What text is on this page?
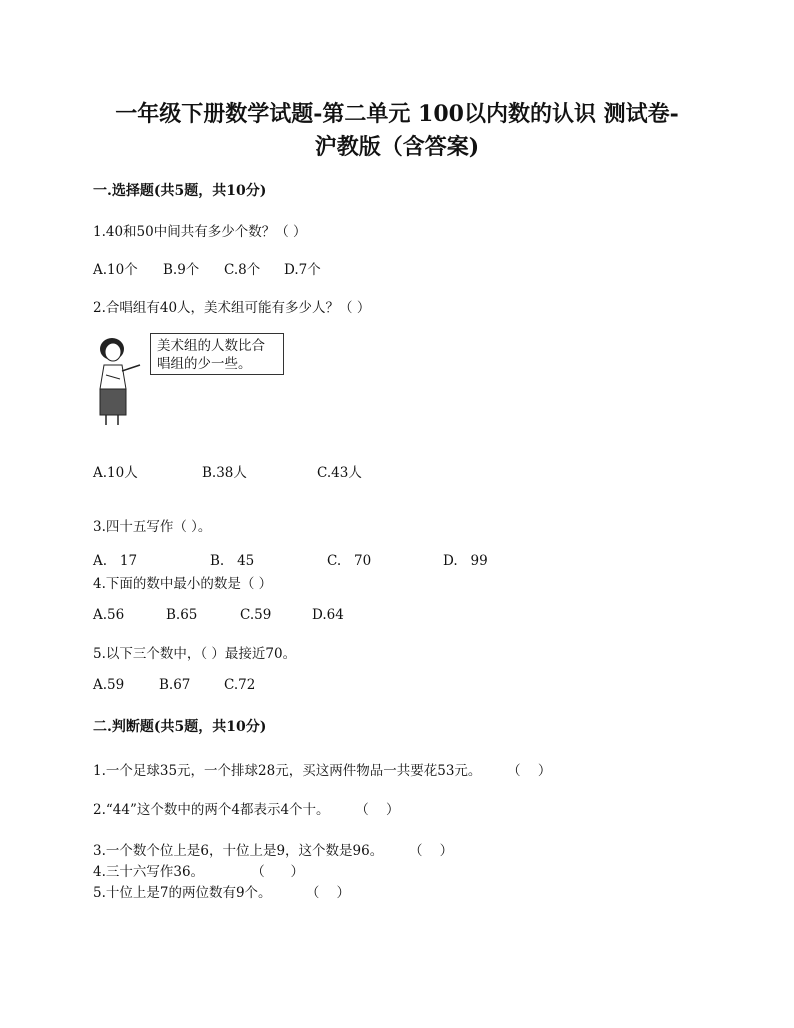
一年级下册数学试题-第二单元 100以内数的认识 测试卷-
沪教版（含答案)
一.选择题(共5题，共10分)
1.40和50中间共有多少个数？（ ）
A.10个 B.9个 C.8个 D.7个
2.合唱组有40人，美术组可能有多少人？（ ）
美术组的人数比合
唱组的少一些。
A.10人	B.38人	C.43人
3.四十五写作（ ）。
A.   17	B.   45	C.   70	D.   99
4.下面的数中最小的数是（ ）
A.56	B.65	C.59	D.64
5.以下三个数中，（ ）最接近70。
A.59	B.67 C.72
二.判断题(共5题，共10分)
1.一个足球35元，一个排球28元，买这两件物品一共要花53元。      （    ）
2.“44”这个数中的两个4都表示4个十。      （    ）
3.一个数个位上是6，十位上是9，这个数是96。      （    ）
4.三十六写作36。           （      ）
5.十位上是7的两位数有9个。        （    ）
